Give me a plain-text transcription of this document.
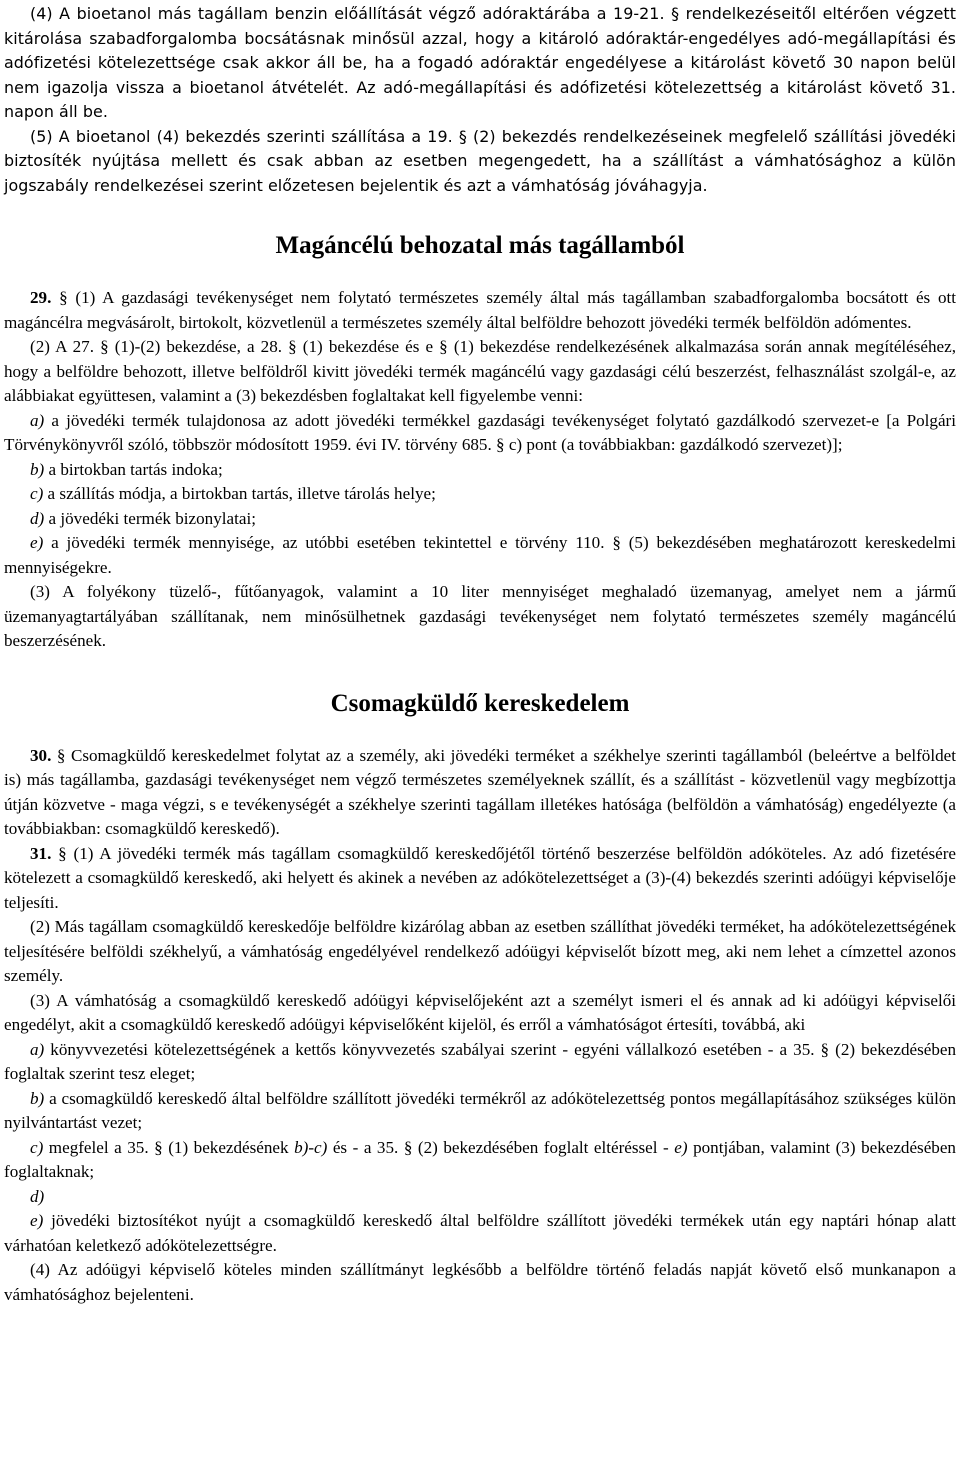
(4) A bioetanol más tagállam benzin előállítását végző adóraktárába a 19-21. § rendelkezéseitől eltérően végzett kitárolása szabadforgalomba bocsátásnak minősül azzal, hogy a kitároló adóraktár-engedélyes adó-megállapítási és adófizetési kötelezettsége csak akkor áll be, ha a fogadó adóraktár engedélyese a kitárolást követő 30 napon belül nem igazolja vissza a bioetanol átvételét. Az adó-megállapítási és adófizetési kötelezettség a kitárolást követő 31. napon áll be.

(5) A bioetanol (4) bekezdés szerinti szállítása a 19. § (2) bekezdés rendelkezéseinek megfelelő szállítási jövedéki biztosíték nyújtása mellett és csak abban az esetben megengedett, ha a szállítást a vámhatósághoz a külön jogszabály rendelkezései szerint előzetesen bejelentik és azt a vámhatóság jóváhagyja.

Magáncélú behozatal más tagállamból

29. § (1) A gazdasági tevékenységet nem folytató természetes személy által más tagállamban szabadforgalomba bocsátott és ott magáncélra megvásárolt, birtokolt, közvetlenül a természetes személy által belföldre behozott jövedéki termék belföldön adómentes.

(2) A 27. § (1)-(2) bekezdése, a 28. § (1) bekezdése és e § (1) bekezdése rendelkezésének alkalmazása során annak megítéléséhez, hogy a belföldre behozott, illetve belföldről kivitt jövedéki termék magáncélú vagy gazdasági célú beszerzést, felhasználást szolgál-e, az alábbiakat együttesen, valamint a (3) bekezdésben foglaltakat kell figyelembe venni:

a) a jövedéki termék tulajdonosa az adott jövedéki termékkel gazdasági tevékenységet folytató gazdálkodó szervezet-e [a Polgári Törvénykönyvről szóló, többször módosított 1959. évi IV. törvény 685. § c) pont (a továbbiakban: gazdálkodó szervezet)];

b) a birtokban tartás indoka;

c) a szállítás módja, a birtokban tartás, illetve tárolás helye;

d) a jövedéki termék bizonylatai;

e) a jövedéki termék mennyisége, az utóbbi esetében tekintettel e törvény 110. § (5) bekezdésében meghatározott kereskedelmi mennyiségekre.

(3) A folyékony tüzelő-, fűtőanyagok, valamint a 10 liter mennyiséget meghaladó üzemanyag, amelyet nem a jármű üzemanyagtartályában szállítanak, nem minősülhetnek gazdasági tevékenységet nem folytató természetes személy magáncélú beszerzésének.

Csomagküldő kereskedelem

30. § Csomagküldő kereskedelmet folytat az a személy, aki jövedéki terméket a székhelye szerinti tagállamból (beleértve a belföldet is) más tagállamba, gazdasági tevékenységet nem végző természetes személyeknek szállít, és a szállítást - közvetlenül vagy megbízottja útján közvetve - maga végzi, s e tevékenységét a székhelye szerinti tagállam illetékes hatósága (belföldön a vámhatóság) engedélyezte (a továbbiakban: csomagküldő kereskedő).

31. § (1) A jövedéki termék más tagállam csomagküldő kereskedőjétől történő beszerzése belföldön adóköteles. Az adó fizetésére kötelezett a csomagküldő kereskedő, aki helyett és akinek a nevében az adókötelezettséget a (3)-(4) bekezdés szerinti adóügyi képviselője teljesíti.

(2) Más tagállam csomagküldő kereskedője belföldre kizárólag abban az esetben szállíthat jövedéki terméket, ha adókötelezettségének teljesítésére belföldi székhelyű, a vámhatóság engedélyével rendelkező adóügyi képviselőt bízott meg, aki nem lehet a címzettel azonos személy.

(3) A vámhatóság a csomagküldő kereskedő adóügyi képviselőjeként azt a személyt ismeri el és annak ad ki adóügyi képviselői engedélyt, akit a csomagküldő kereskedő adóügyi képviselőként kijelöl, és erről a vámhatóságot értesíti, továbbá, aki

a) könyvvezetési kötelezettségének a kettős könyvvezetés szabályai szerint - egyéni vállalkozó esetében - a 35. § (2) bekezdésében foglaltak szerint tesz eleget;

b) a csomagküldő kereskedő által belföldre szállított jövedéki termékről az adókötelezettség pontos megállapításához szükséges külön nyilvántartást vezet;

c) megfelel a 35. § (1) bekezdésének b)-c) és - a 35. § (2) bekezdésében foglalt eltéréssel - e) pontjában, valamint (3) bekezdésében foglaltaknak;

d)

e) jövedéki biztosítékot nyújt a csomagküldő kereskedő által belföldre szállított jövedéki termékek után egy naptári hónap alatt várhatóan keletkező adókötelezettségre.

(4) Az adóügyi képviselő köteles minden szállítmányt legkésőbb a belföldre történő feladás napját követő első munkanapon a vámhatósághoz bejelenteni.
